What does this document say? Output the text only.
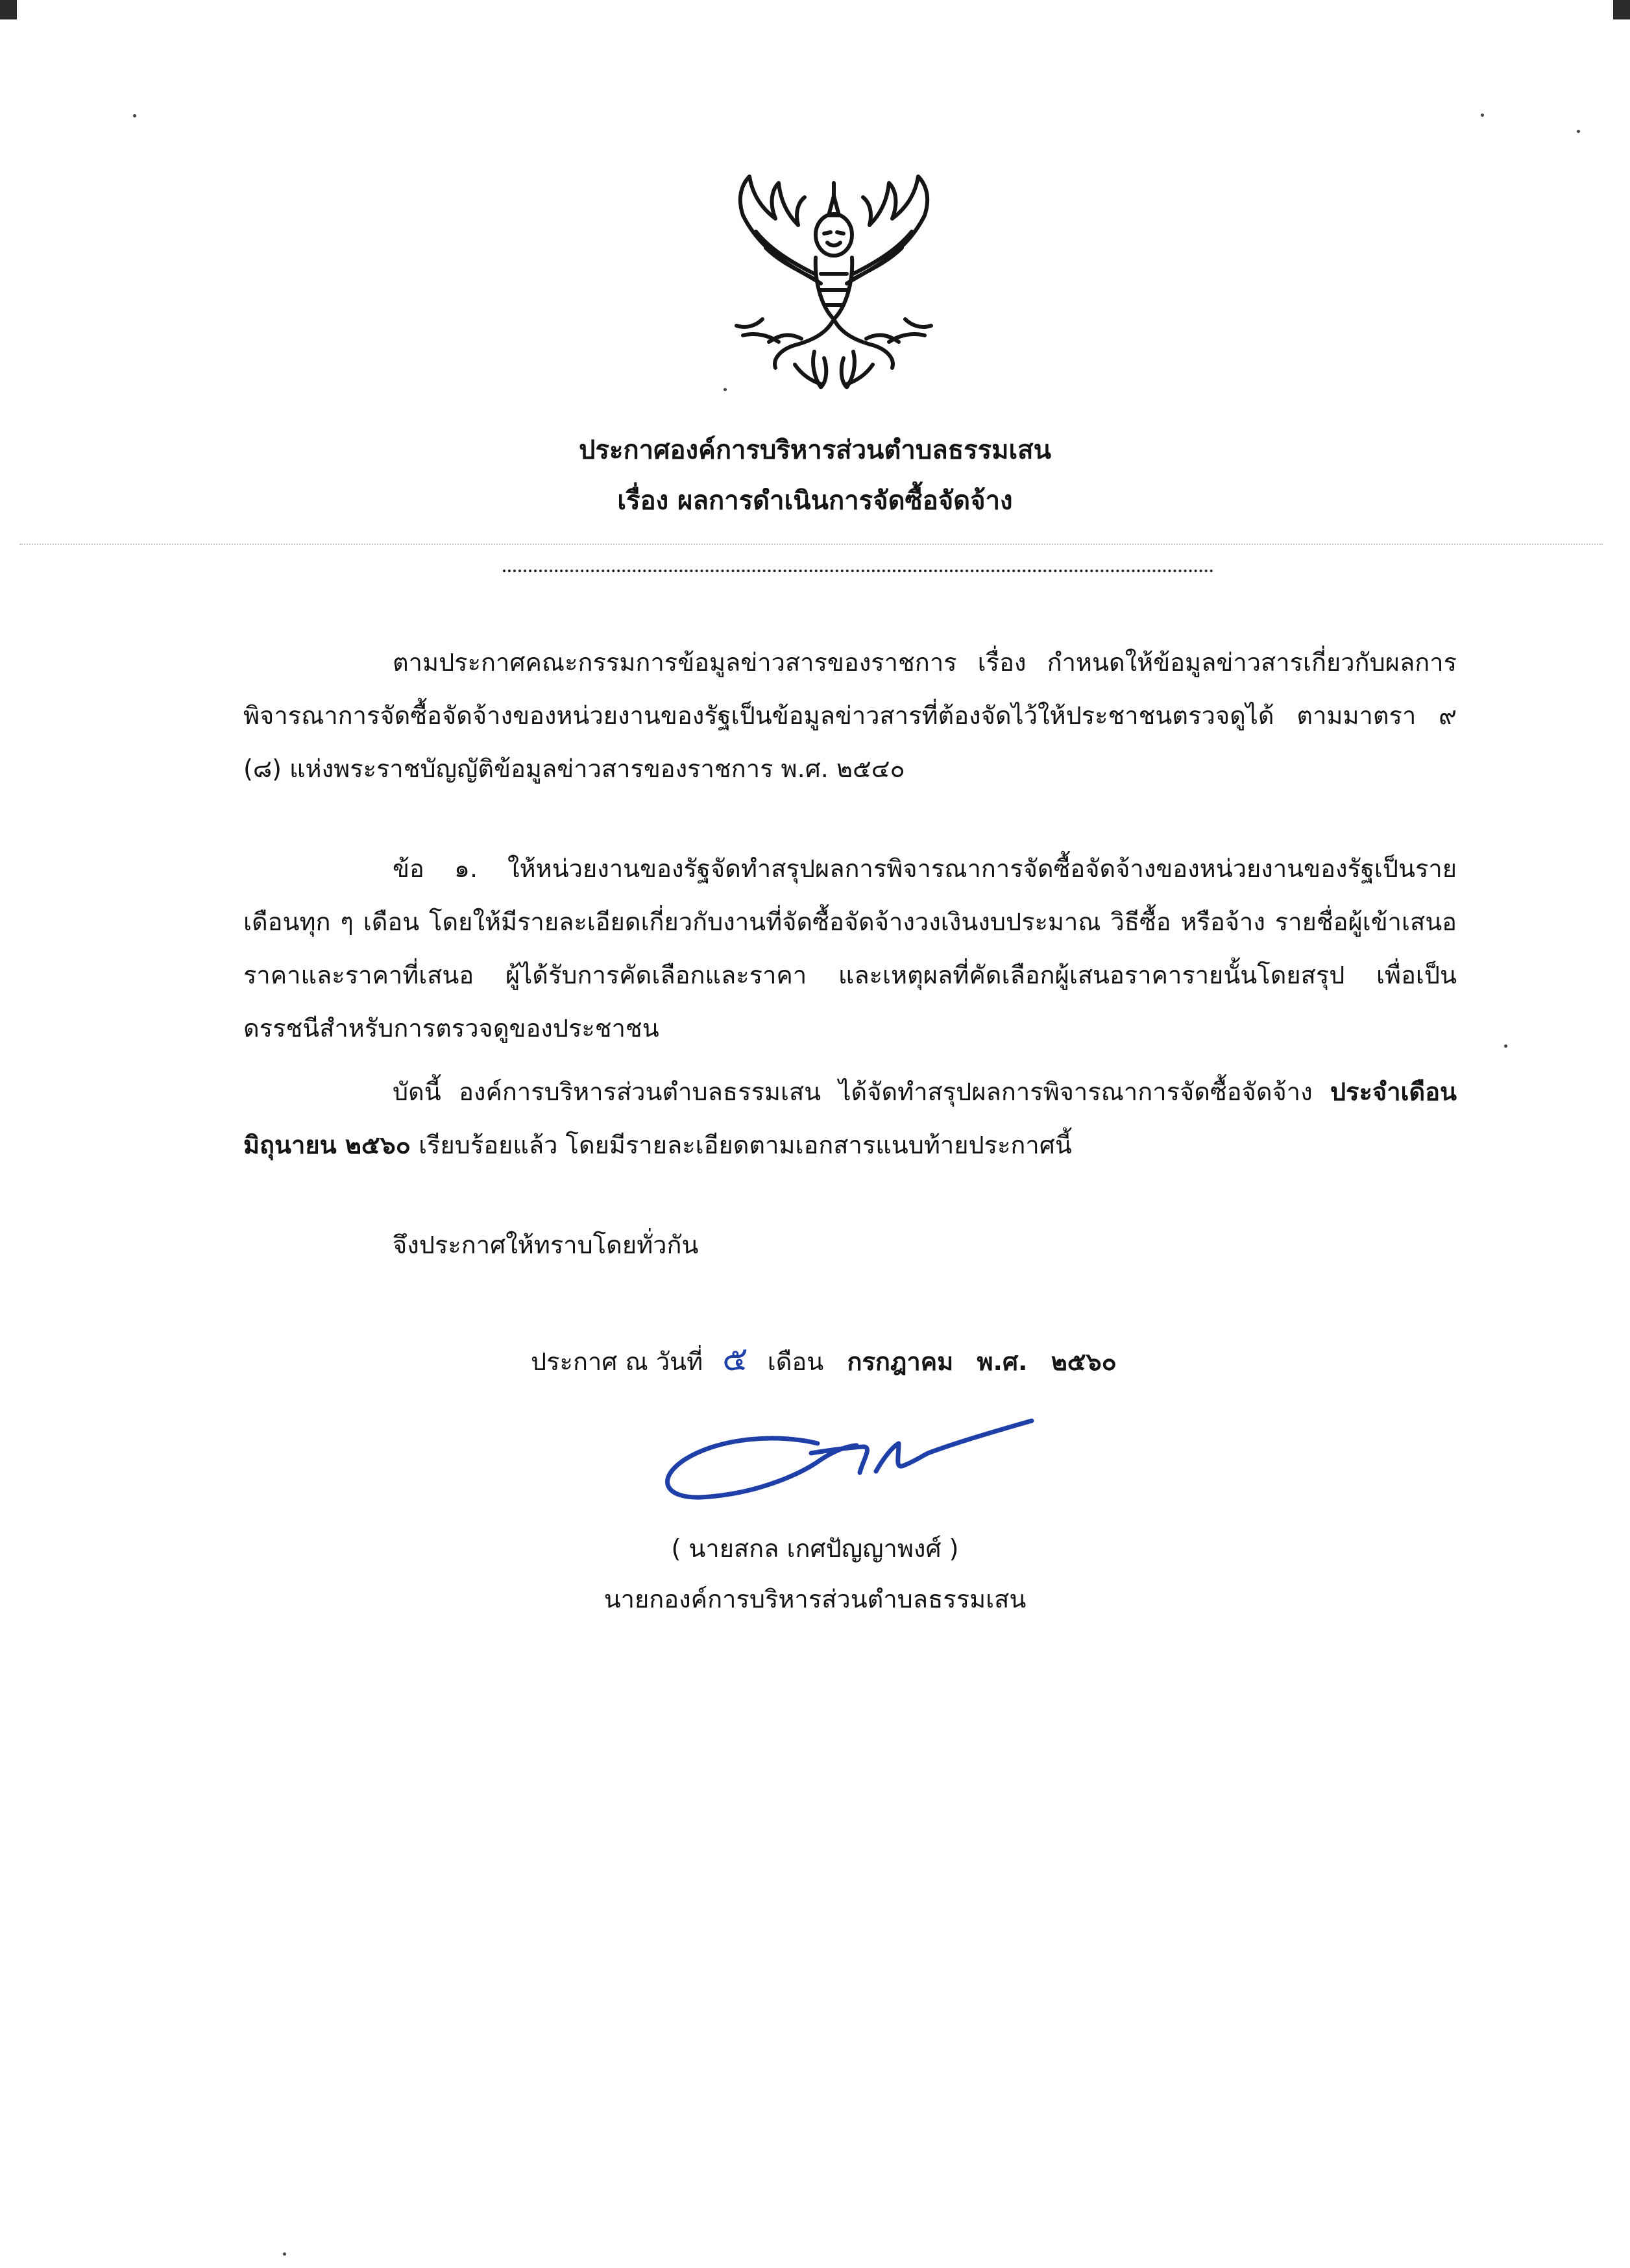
ประกาศองค์การบริหารส่วนตำบลธรรมเสน
เรื่อง ผลการดำเนินการจัดซื้อจัดจ้าง
ตามประกาศคณะกรรมการข้อมูลข่าวสารของราชการ เรื่อง กำหนดให้ข้อมูลข่าวสารเกี่ยวกับผลการพิจารณาการจัดซื้อจัดจ้างของหน่วยงานของรัฐเป็นข้อมูลข่าวสารที่ต้องจัดไว้ให้ประชาชนตรวจดูได้ ตามมาตรา ๙ (๘) แห่งพระราชบัญญัติข้อมูลข่าวสารของราชการ พ.ศ. ๒๕๔๐
ข้อ ๑. ให้หน่วยงานของรัฐจัดทำสรุปผลการพิจารณาการจัดซื้อจัดจ้างของหน่วยงานของรัฐเป็นรายเดือนทุก ๆ เดือน โดยให้มีรายละเอียดเกี่ยวกับงานที่จัดซื้อจัดจ้างวงเงินงบประมาณ วิธีซื้อ หรือจ้าง รายชื่อผู้เข้าเสนอราคาและราคาที่เสนอ ผู้ได้รับการคัดเลือกและราคา และเหตุผลที่คัดเลือกผู้เสนอราคารายนั้นโดยสรุป เพื่อเป็นดรรชนีสำหรับการตรวจดูของประชาชน
บัดนี้ องค์การบริหารส่วนตำบลธรรมเสน ได้จัดทำสรุปผลการพิจารณาการจัดซื้อจัดจ้าง ประจำเดือน มิถุนายน ๒๕๖๐ เรียบร้อยแล้ว โดยมีรายละเอียดตามเอกสารแนบท้ายประกาศนี้
จึงประกาศให้ทราบโดยทั่วกัน
ประกาศ ณ วันที่ ๕ เดือน กรกฎาคม พ.ศ. ๒๕๖๐
( นายสกล เกศปัญญาพงศ์ )
นายกองค์การบริหารส่วนตำบลธรรมเสน
